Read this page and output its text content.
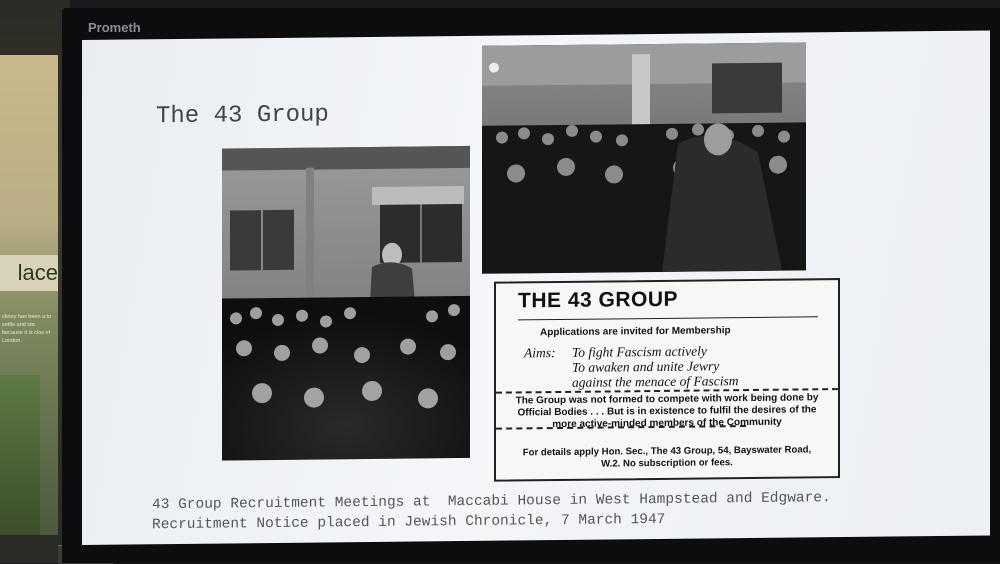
lace
ckney has been a to settle and sta because it is clos of London.
Prometh
The 43 Group
THE 43 GROUP
Applications are invited for Membership
Aims: To fight Fascism actively
To awaken and unite Jewry
against the menace of Fascism
The Group was not formed to compete with work being done by Official Bodies . . . But is in existence to fulfil the desires of the more active-minded members of the Community
For details apply Hon. Sec., The 43 Group, 54, Bayswater Road, W.2. No subscription or fees.
43 Group Recruitment Meetings at  Maccabi House in West Hampstead and Edgware.
Recruitment Notice placed in Jewish Chronicle, 7 March 1947
